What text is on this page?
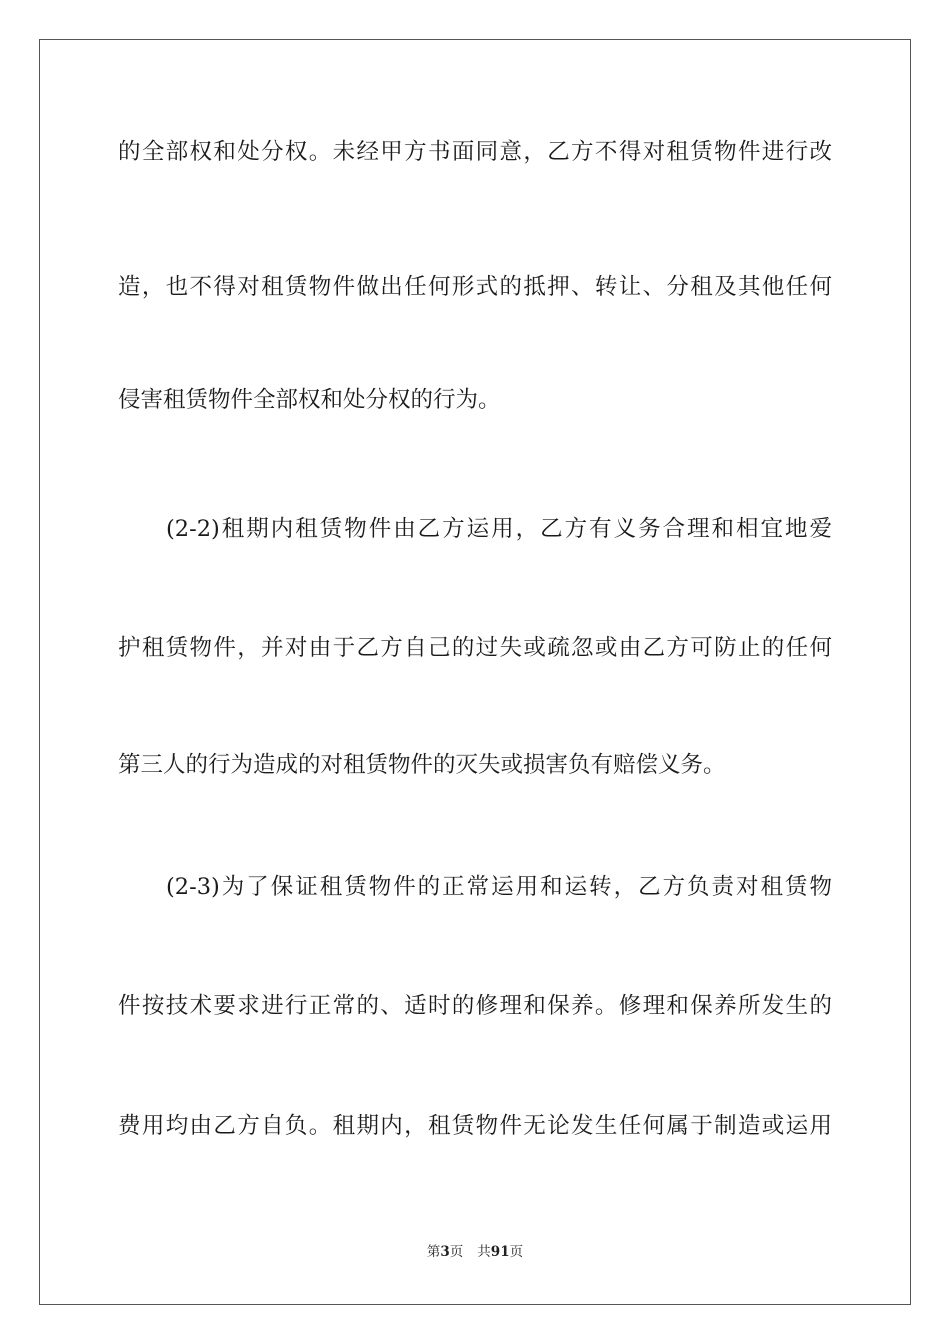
的全部权和处分权。未经甲方书面同意，乙方不得对租赁物件进行改
造，也不得对租赁物件做出任何形式的抵押、转让、分租及其他任何
侵害租赁物件全部权和处分权的行为。
(2-2)租期内租赁物件由乙方运用，乙方有义务合理和相宜地爱
护租赁物件，并对由于乙方自己的过失或疏忽或由乙方可防止的任何
第三人的行为造成的对租赁物件的灭失或损害负有赔偿义务。
(2-3)为了保证租赁物件的正常运用和运转，乙方负责对租赁物
件按技术要求进行正常的、适时的修理和保养。修理和保养所发生的
费用均由乙方自负。租期内，租赁物件无论发生任何属于制造或运用
第3页 共91页
